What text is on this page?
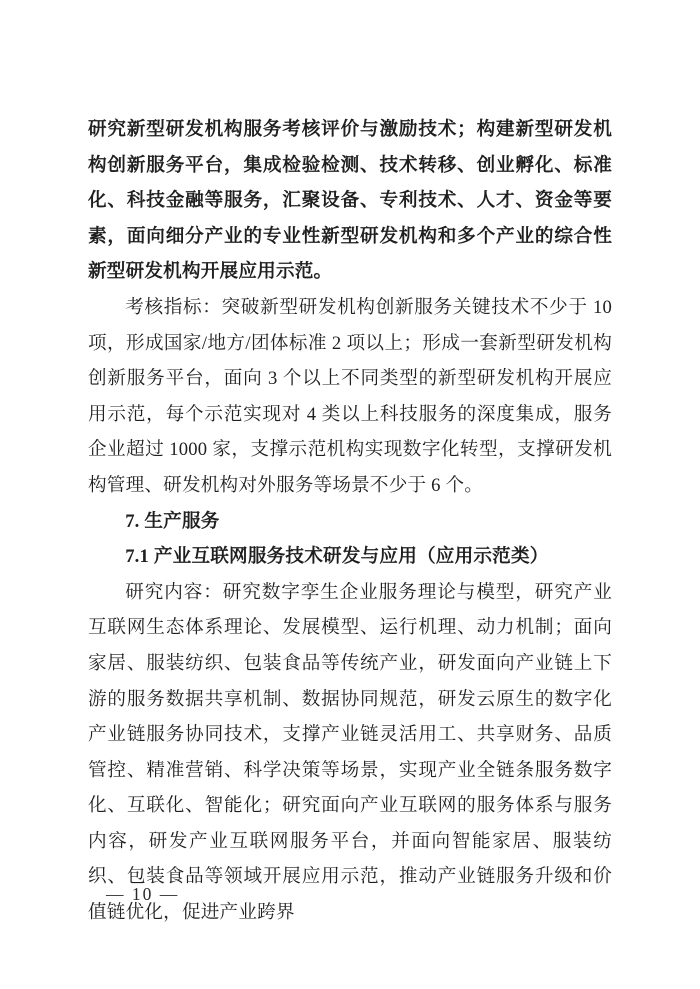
研究新型研发机构服务考核评价与激励技术；构建新型研发机构创新服务平台，集成检验检测、技术转移、创业孵化、标准化、科技金融等服务，汇聚设备、专利技术、人才、资金等要素，面向细分产业的专业性新型研发机构和多个产业的综合性新型研发机构开展应用示范。

考核指标：突破新型研发机构创新服务关键技术不少于 10 项，形成国家/地方/团体标准 2 项以上；形成一套新型研发机构创新服务平台，面向 3 个以上不同类型的新型研发机构开展应用示范，每个示范实现对 4 类以上科技服务的深度集成，服务企业超过 1000 家，支撑示范机构实现数字化转型，支撑研发机构管理、研发机构对外服务等场景不少于 6 个。

7. 生产服务
7.1 产业互联网服务技术研发与应用（应用示范类）

研究内容：研究数字孪生企业服务理论与模型，研究产业互联网生态体系理论、发展模型、运行机理、动力机制；面向家居、服装纺织、包装食品等传统产业，研发面向产业链上下游的服务数据共享机制、数据协同规范，研发云原生的数字化产业链服务协同技术，支撑产业链灵活用工、共享财务、品质管控、精准营销、科学决策等场景，实现产业全链条服务数字化、互联化、智能化；研究面向产业互联网的服务体系与服务内容，研发产业互联网服务平台，并面向智能家居、服装纺织、包装食品等领域开展应用示范，推动产业链服务升级和价值链优化，促进产业跨界

— 10 —
